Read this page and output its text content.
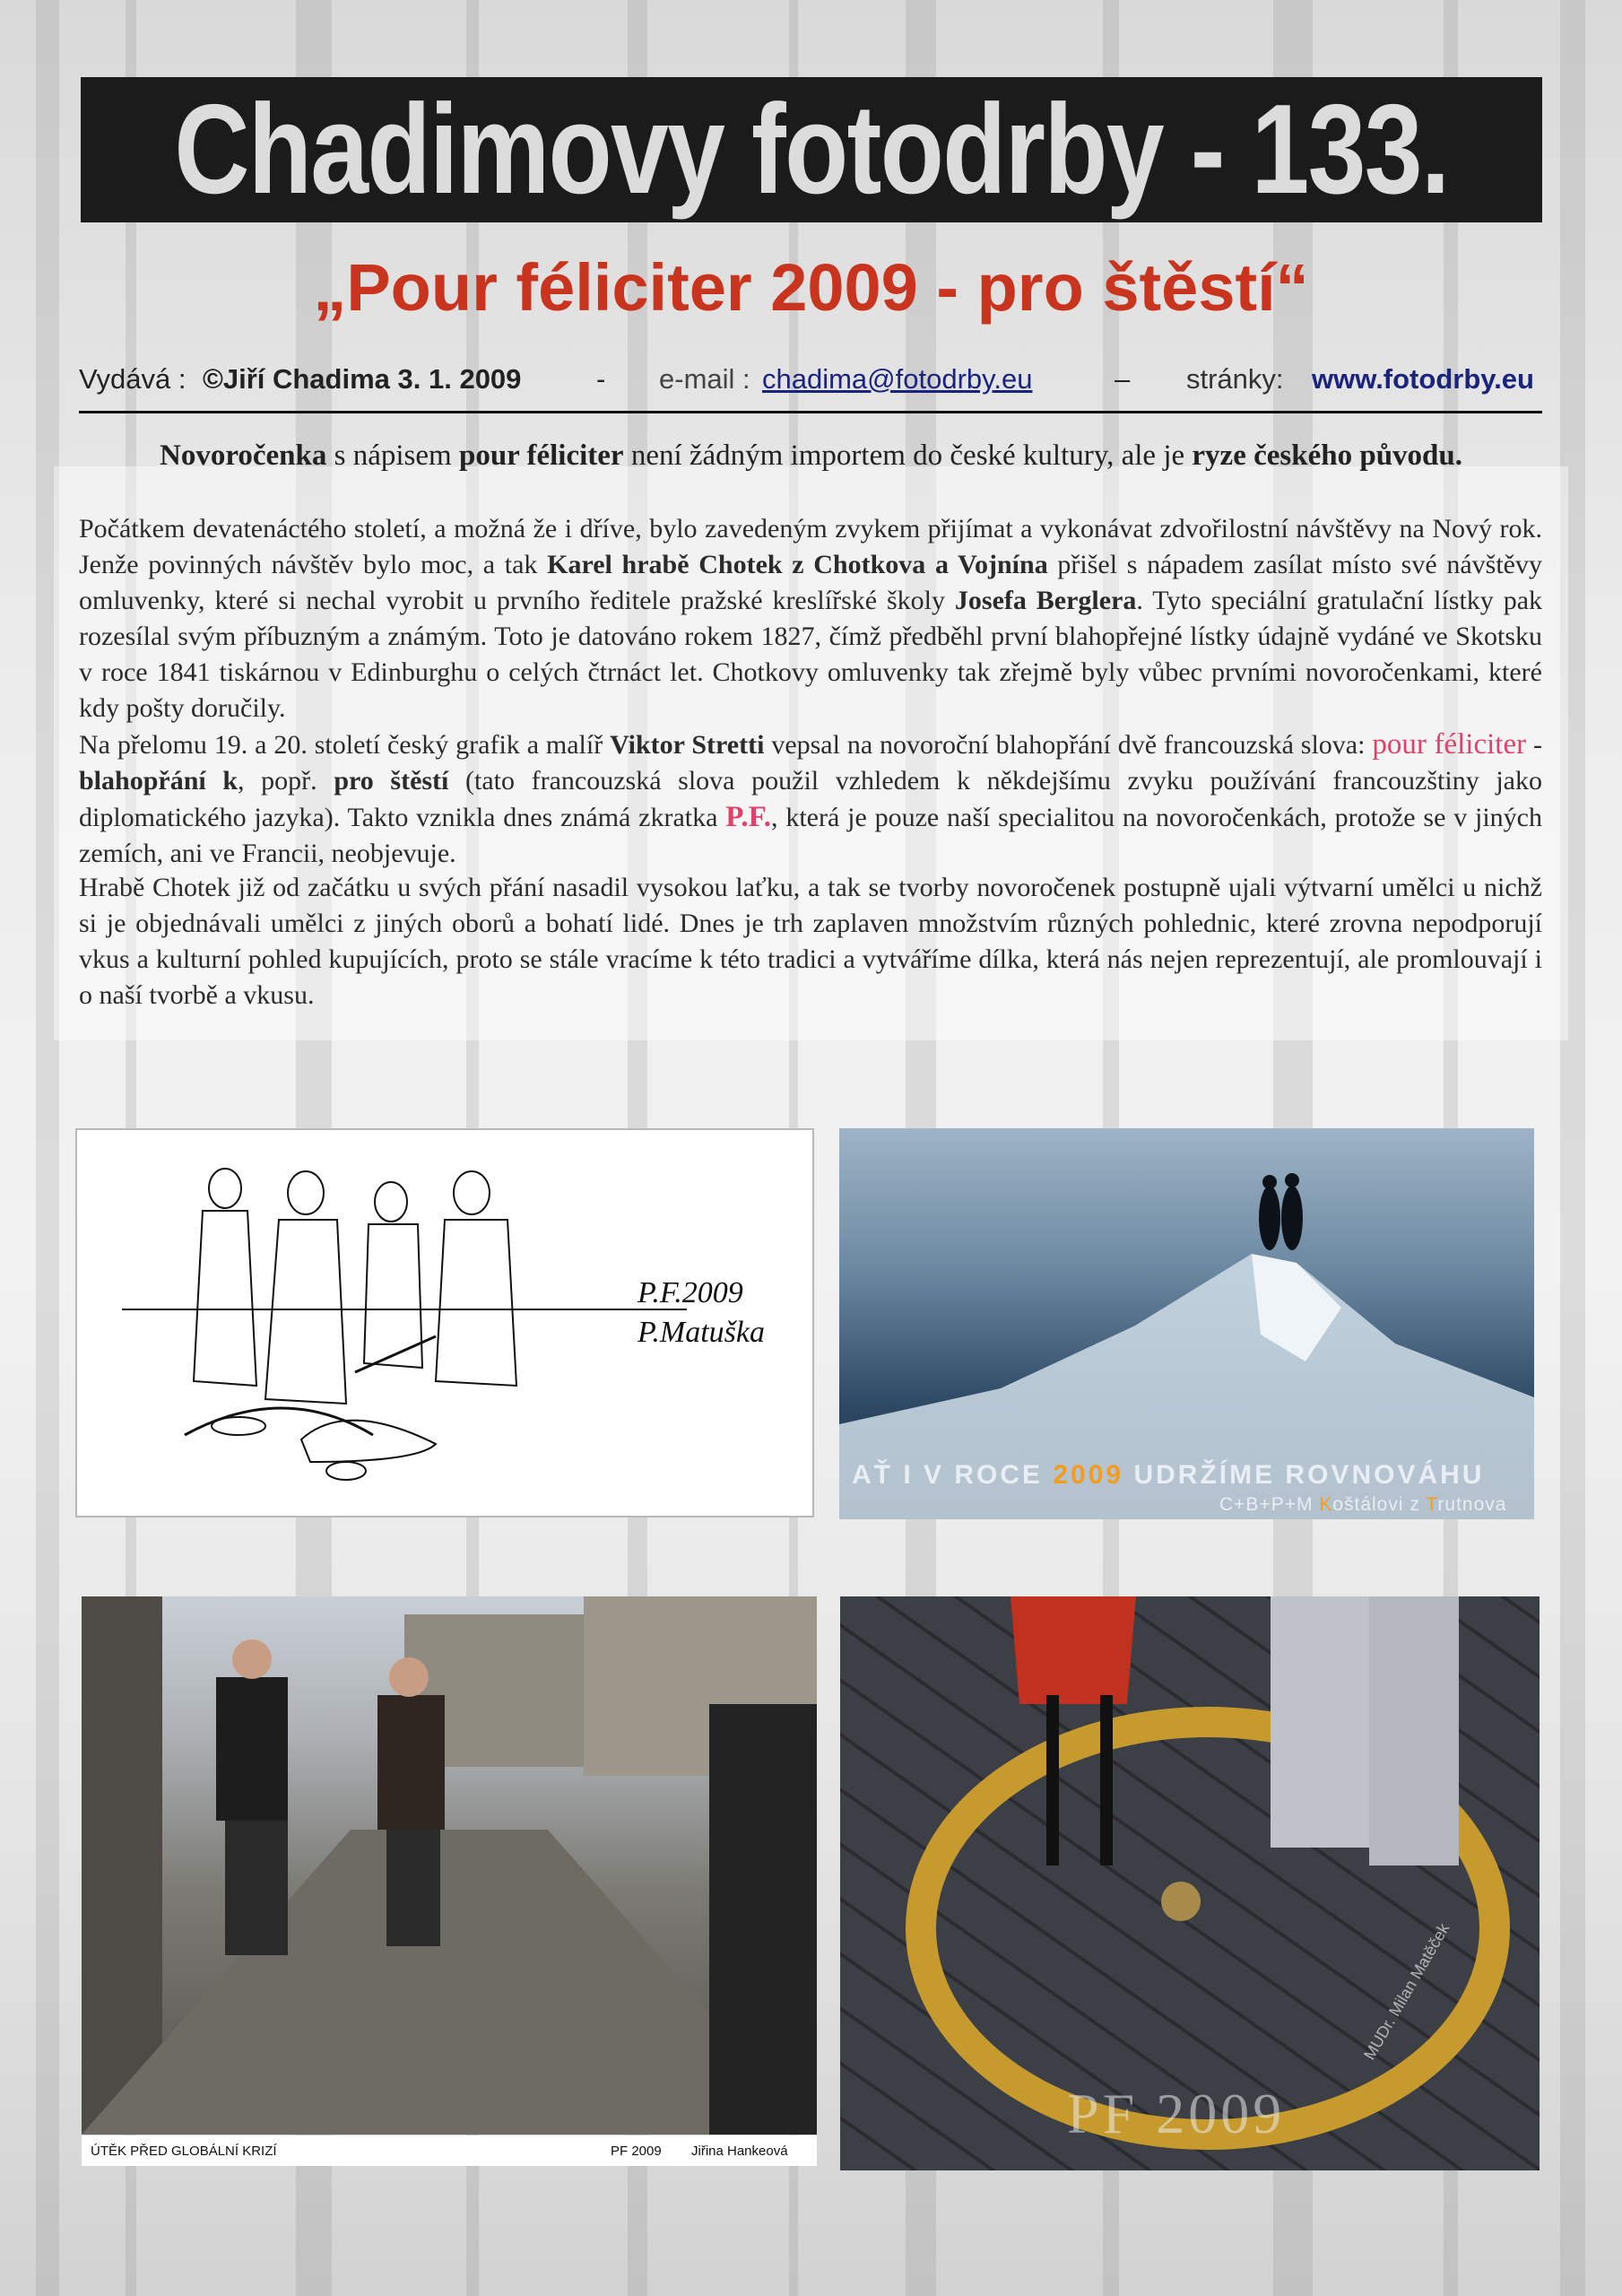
Chadimovy fotodrby - 133.
„Pour féliciter 2009 - pro štěstí“
Vydává : ©Jiří Chadima 3. 1. 2009	- e-mail : chadima@fotodrby.eu	– stránky: www.fotodrby.eu
Novoročenka s nápisem pour féliciter není žádným importem do české kultury, ale je ryze českého původu.
Počátkem devatenáctého století, a možná že i dříve, bylo zavedeným zvykem přijímat a vykonávat zdvořilostní návštěvy na Nový rok. Jenže povinných návštěv bylo moc, a tak Karel hrabě Chotek z Chotkova a Vojnína přišel s nápadem zasílat místo své návštěvy omluvenky, které si nechal vyrobit u prvního ředitele pražské kreslířské školy Josefa Berglera. Tyto speciální gratulační lístky pak rozesílal svým příbuzným a známým. Toto je datováno rokem 1827, čímž předběhl první blahopřejné lístky údajně vydáné ve Skotsku v roce 1841 tiskárnou v Edinburghu o celých čtrnáct let. Chotkovy omluvenky tak zřejmě byly vůbec prvními novoročenkami, které kdy pošty doručily.
Na přelomu 19. a 20. století český grafik a malíř Viktor Stretti vepsal na novoroční blahopřání dvě francouzská slova: pour féliciter - blahopřání k, popř. pro štěstí (tato francouzská slova použil vzhledem k někdejšímu zvyku používání francouzštiny jako diplomatického jazyka). Takto vznikla dnes známá zkratka P.F., která je pouze naší specialitou na novoročenkách, protože se v jiných zemích, ani ve Francii, neobjevuje.
Hrabě Chotek již od začátku u svých přání nasadil vysokou laťku, a tak se tvorby novoročenek postupně ujali výtvarní umělci u nichž si je objednávali umělci z jiných oborů a bohatí lidé. Dnes je trh zaplaven množstvím různých pohlednic, které zrovna nepodporují vkus a kulturní pohled kupujících, proto se stále vracíme k této tradici a vytváříme dílka, která nás nejen reprezentují, ale promlouvají i o naší tvorbě a vkusu.
P.F.2009
P.Matuška
AŤ I V ROCE 2009 UDRŽÍME ROVNOVÁHU
C+B+P+M Koštálovi z Trutnova
ÚTĚK PŘED GLOBÁLNÍ KRIZÍ	PF 2009 Jiřina Hankeová
MUDr. Milan Matěček
PF 2009
